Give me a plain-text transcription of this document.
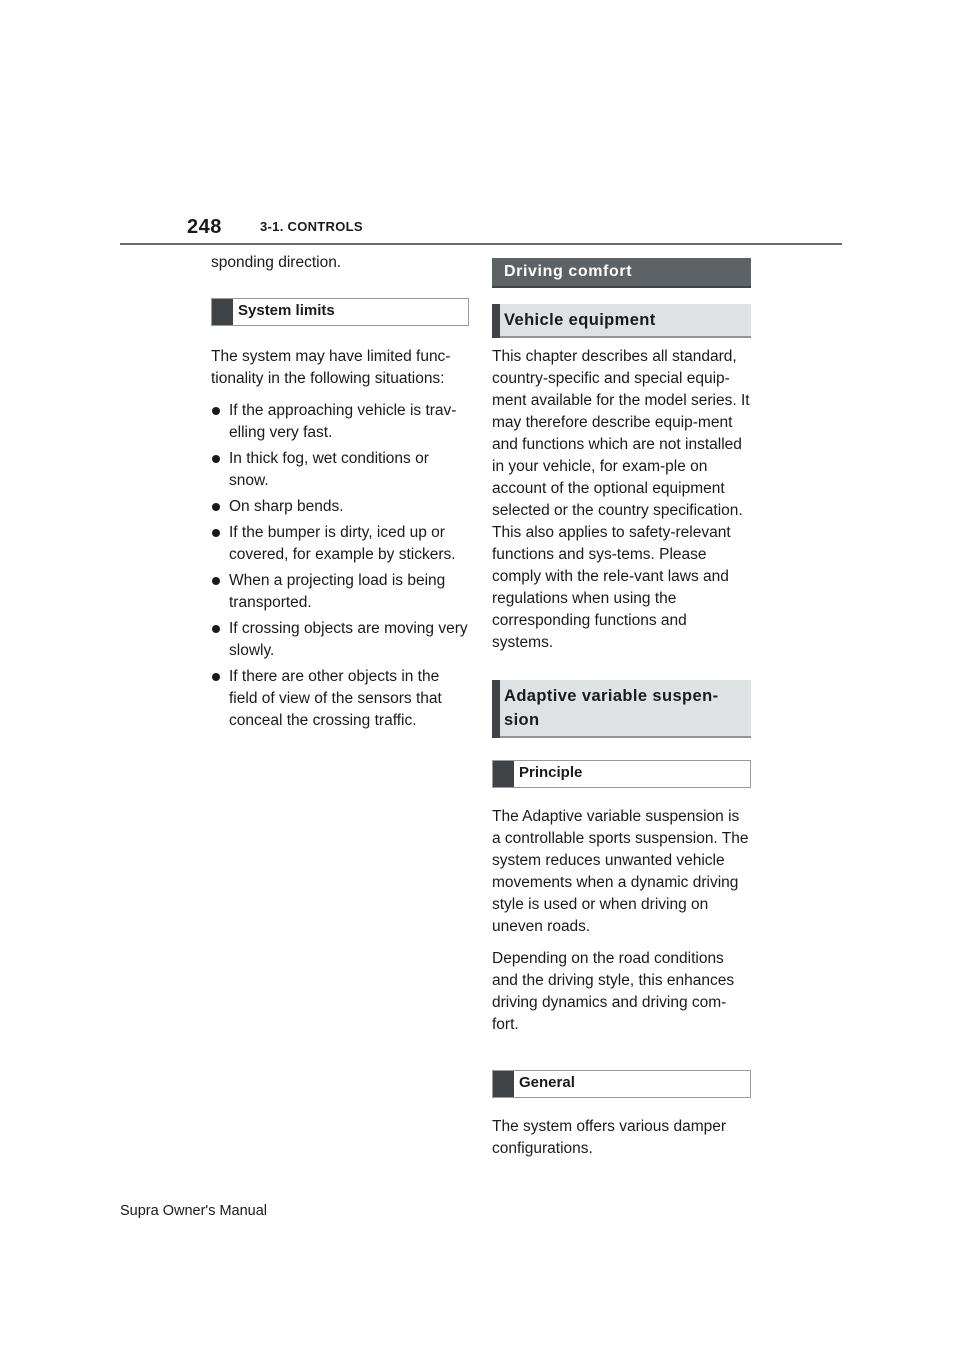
248	3-1. CONTROLS

sponding direction.

System limits

The system may have limited func-tionality in the following situations:

If the approaching vehicle is trav-elling very fast.
In thick fog, wet conditions or snow.
On sharp bends.
If the bumper is dirty, iced up or covered, for example by stickers.
When a projecting load is being transported.
If crossing objects are moving very slowly.
If there are other objects in the field of view of the sensors that conceal the crossing traffic.
Driving comfort
Vehicle equipment

This chapter describes all standard, country-specific and special equip-ment available for the model series. It may therefore describe equip-ment and functions which are not installed in your vehicle, for exam-ple on account of the optional equipment selected or the country specification. This also applies to safety-relevant functions and sys-tems. Please comply with the rele-vant laws and regulations when using the corresponding functions and systems.

Adaptive variable suspen-sion
Principle

The Adaptive variable suspension is a controllable sports suspension. The system reduces unwanted vehicle movements when a dynamic driving style is used or when driving on uneven roads.

Depending on the road conditions and the driving style, this enhances driving dynamics and driving com-fort.

General

The system offers various damper configurations.

Supra Owner's Manual
